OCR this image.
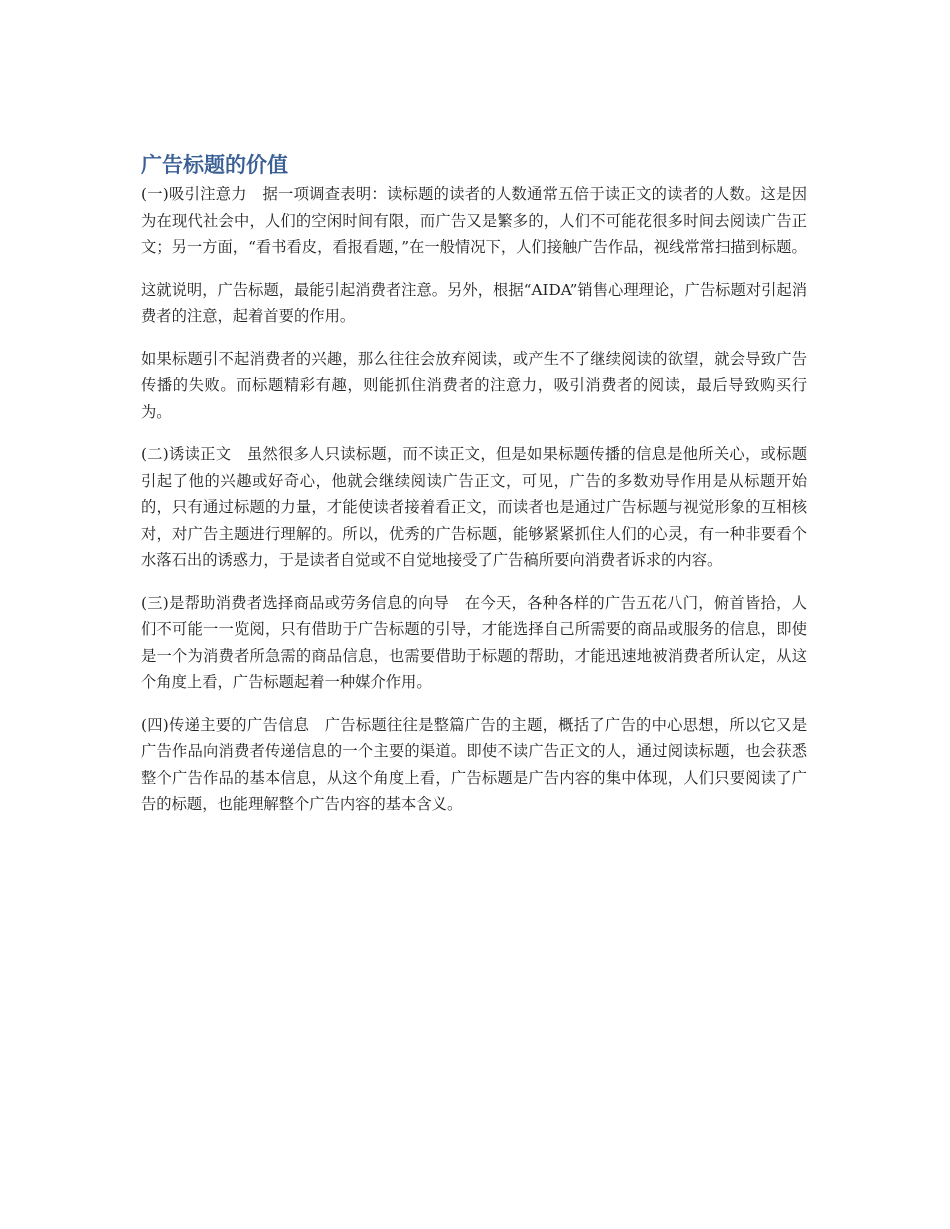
广告标题的价值

(一)吸引注意力　据一项调查表明：读标题的读者的人数通常五倍于读正文的读者的人数。这是因为在现代社会中，人们的空闲时间有限，而广告又是繁多的，人们不可能花很多时间去阅读广告正文；另一方面，“看书看皮，看报看题，”在一般情况下，人们接触广告作品，视线常常扫描到标题。

这就说明，广告标题，最能引起消费者注意。另外，根据“AIDA”销售心理理论，广告标题对引起消费者的注意，起着首要的作用。

如果标题引不起消费者的兴趣，那么往往会放弃阅读，或产生不了继续阅读的欲望，就会导致广告传播的失败。而标题精彩有趣，则能抓住消费者的注意力，吸引消费者的阅读，最后导致购买行为。

(二)诱读正文　虽然很多人只读标题，而不读正文，但是如果标题传播的信息是他所关心，或标题引起了他的兴趣或好奇心，他就会继续阅读广告正文，可见，广告的多数劝导作用是从标题开始的，只有通过标题的力量，才能使读者接着看正文，而读者也是通过广告标题与视觉形象的互相核对，对广告主题进行理解的。所以，优秀的广告标题，能够紧紧抓住人们的心灵，有一种非要看个水落石出的诱惑力，于是读者自觉或不自觉地接受了广告稿所要向消费者诉求的内容。

(三)是帮助消费者选择商品或劳务信息的向导　在今天，各种各样的广告五花八门，俯首皆拾，人们不可能一一览阅，只有借助于广告标题的引导，才能选择自己所需要的商品或服务的信息，即使是一个为消费者所急需的商品信息，也需要借助于标题的帮助，才能迅速地被消费者所认定，从这个角度上看，广告标题起着一种媒介作用。

(四)传递主要的广告信息　广告标题往往是整篇广告的主题，概括了广告的中心思想，所以它又是广告作品向消费者传递信息的一个主要的渠道。即使不读广告正文的人，通过阅读标题，也会获悉整个广告作品的基本信息，从这个角度上看，广告标题是广告内容的集中体现，人们只要阅读了广告的标题，也能理解整个广告内容的基本含义。
